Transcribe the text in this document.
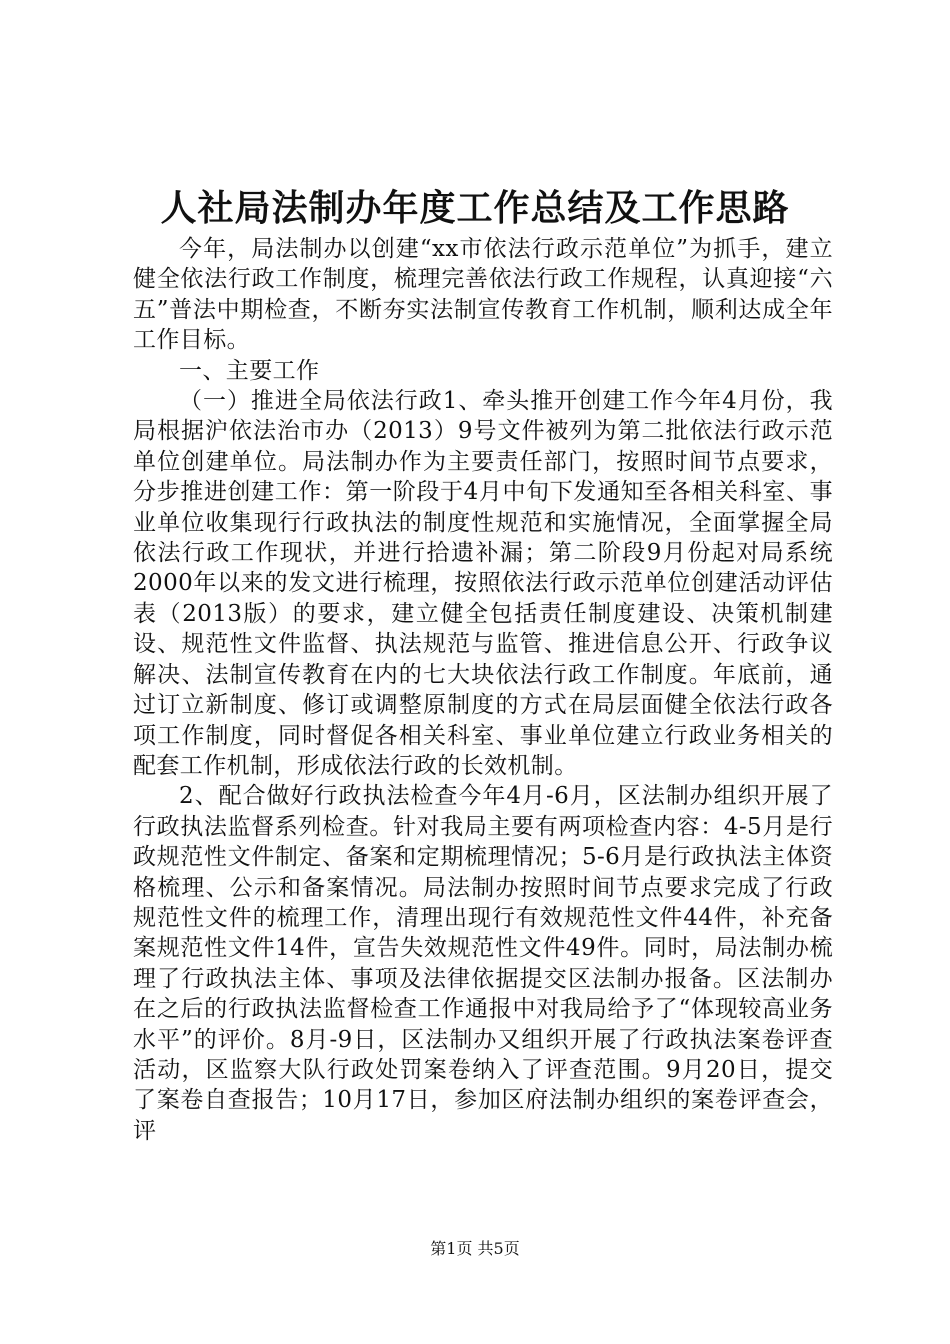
人社局法制办年度工作总结及工作思路

今年，局法制办以创建“xx市依法行政示范单位”为抓手，建立健全依法行政工作制度，梳理完善依法行政工作规程，认真迎接“六五”普法中期检查，不断夯实法制宣传教育工作机制，顺利达成全年工作目标。

一、主要工作

（一）推进全局依法行政1、牵头推开创建工作今年4月份，我局根据沪依法治市办（2013）9号文件被列为第二批依法行政示范单位创建单位。局法制办作为主要责任部门，按照时间节点要求，分步推进创建工作：第一阶段于4月中旬下发通知至各相关科室、事业单位收集现行行政执法的制度性规范和实施情况，全面掌握全局依法行政工作现状，并进行拾遗补漏；第二阶段9月份起对局系统2000年以来的发文进行梳理，按照依法行政示范单位创建活动评估表（2013版）的要求，建立健全包括责任制度建设、决策机制建设、规范性文件监督、执法规范与监管、推进信息公开、行政争议解决、法制宣传教育在内的七大块依法行政工作制度。年底前，通过订立新制度、修订或调整原制度的方式在局层面健全依法行政各项工作制度，同时督促各相关科室、事业单位建立行政业务相关的配套工作机制，形成依法行政的长效机制。

2、配合做好行政执法检查今年4月-6月，区法制办组织开展了行政执法监督系列检查。针对我局主要有两项检查内容：4-5月是行政规范性文件制定、备案和定期梳理情况；5-6月是行政执法主体资格梳理、公示和备案情况。局法制办按照时间节点要求完成了行政规范性文件的梳理工作，清理出现行有效规范性文件44件，补充备案规范性文件14件，宣告失效规范性文件49件。同时，局法制办梳理了行政执法主体、事项及法律依据提交区法制办报备。区法制办在之后的行政执法监督检查工作通报中对我局给予了“体现较高业务水平”的评价。8月-9日，区法制办又组织开展了行政执法案卷评查活动，区监察大队行政处罚案卷纳入了评查范围。9月20日，提交了案卷自查报告；10月17日，参加区府法制办组织的案卷评查会，评

第1页 共5页
